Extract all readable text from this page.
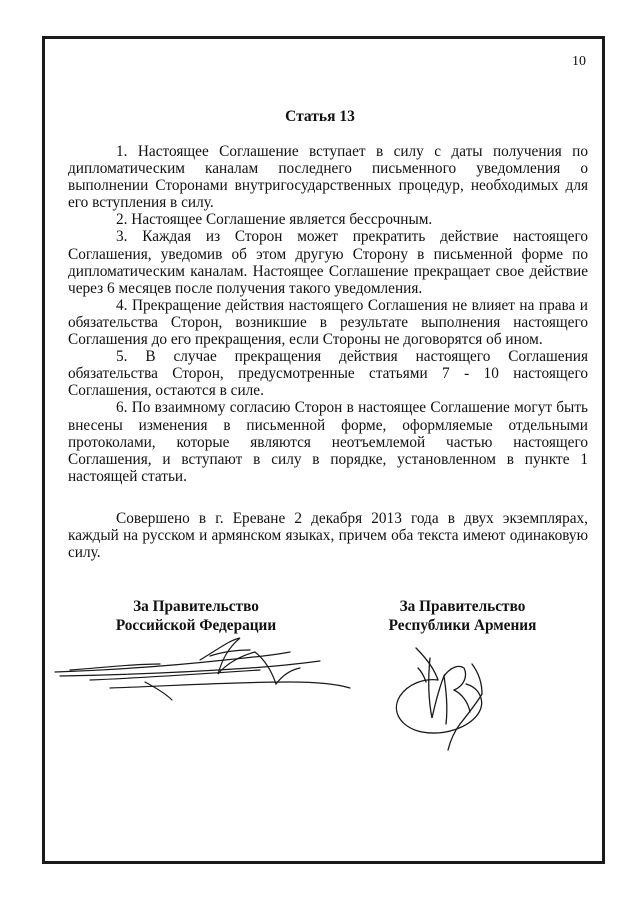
10
Статья 13

1. Настоящее Соглашение вступает в силу с даты получения по дипломатическим каналам последнего письменного уведомления о выполнении Сторонами внутригосударственных процедур, необходимых для его вступления в силу.

2. Настоящее Соглашение является бессрочным.

3. Каждая из Сторон может прекратить действие настоящего Соглашения, уведомив об этом другую Сторону в письменной форме по дипломатическим каналам. Настоящее Соглашение прекращает свое действие через 6 месяцев после получения такого уведомления.

4. Прекращение действия настоящего Соглашения не влияет на права и обязательства Сторон, возникшие в результате выполнения настоящего Соглашения до его прекращения, если Стороны не договорятся об ином.

5. В случае прекращения действия настоящего Соглашения обязательства Сторон, предусмотренные статьями 7 - 10 настоящего Соглашения, остаются в силе.

6. По взаимному согласию Сторон в настоящее Соглашение могут быть внесены изменения в письменной форме, оформляемые отдельными протоколами, которые являются неотъемлемой частью настоящего Соглашения, и вступают в силу в порядке, установленном в пункте 1 настоящей статьи.

Совершено в г. Ереване 2 декабря 2013 года в двух экземплярах, каждый на русском и армянском языках, причем оба текста имеют одинаковую силу.

За Правительство
Российской Федерации
За Правительство
Республики Армения
